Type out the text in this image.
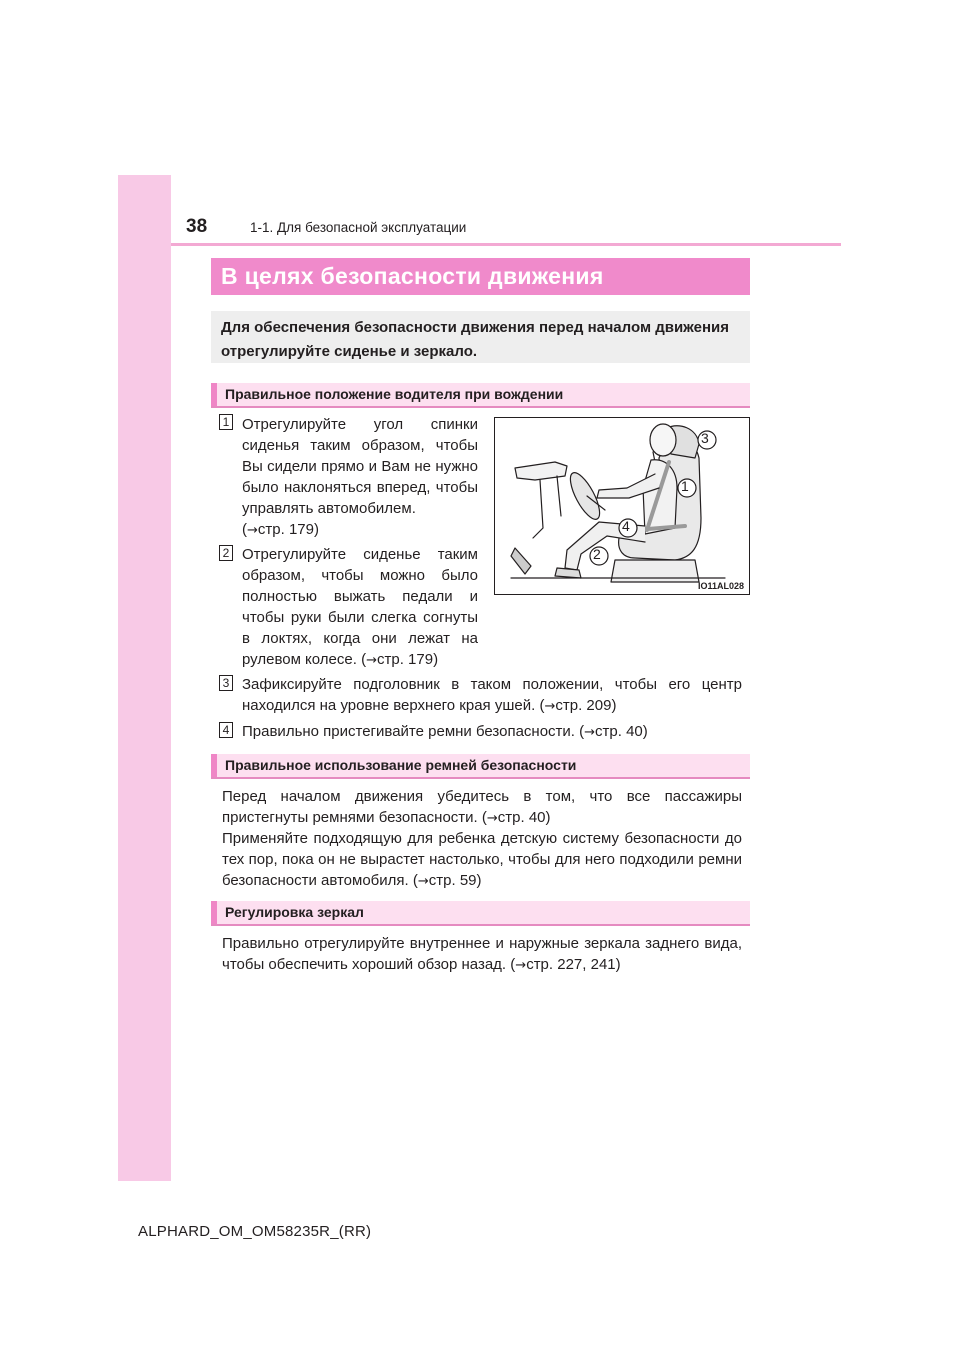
38	1-1. Для безопасной эксплуатации
В целях безопасности движения

Для обеспечения безопасности движения перед началом движения отрегулируйте сиденье и зеркало.

Правильное положение водителя при вождении
1 Отрегулируйте угол спинки сиденья таким образом, чтобы Вы сидели прямо и Вам не нужно было наклоняться вперед, чтобы управлять автомобилем.
(→стр. 179)

2 Отрегулируйте сиденье таким образом, чтобы можно было полностью выжать педали и чтобы руки были слегка согнуты в локтях, когда они лежат на рулевом колесе. (→стр. 179)

3
1
4
2
IO11AL028
3 Зафиксируйте подголовник в таком положении, чтобы его центр находился на уровне верхнего края ушей. (→стр. 209)

4 Правильно пристегивайте ремни безопасности. (→стр. 40)

Правильное использование ремней безопасности

Перед началом движения убедитесь в том, что все пассажиры пристегнуты ремнями безопасности. (→стр. 40)

Применяйте подходящую для ребенка детскую систему безопасности до тех пор, пока он не вырастет настолько, чтобы для него подходили ремни безопасности автомобиля. (→стр. 59)

Регулировка зеркал

Правильно отрегулируйте внутреннее и наружные зеркала заднего вида, чтобы обеспечить хороший обзор назад. (→стр. 227, 241)

ALPHARD_OM_OM58235R_(RR)
